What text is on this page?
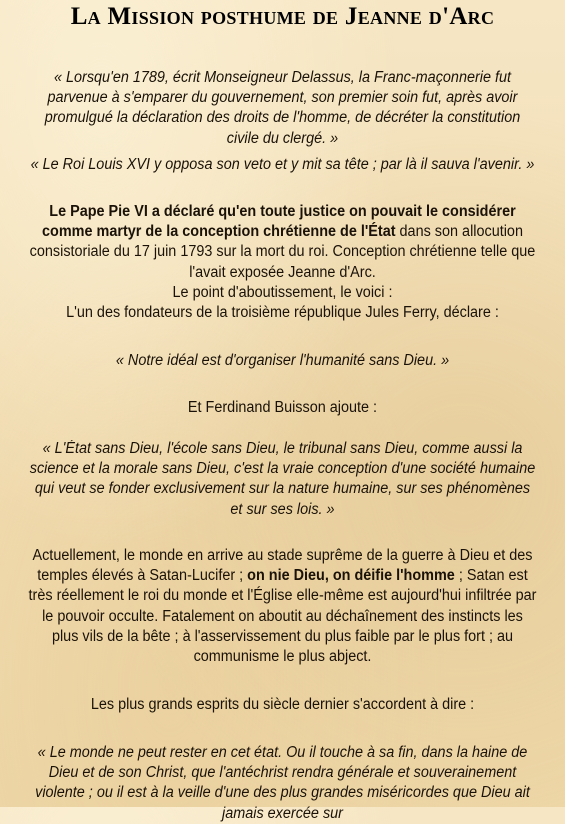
La Mission posthume de Jeanne d'Arc
« Lorsqu'en 1789, écrit Monseigneur Delassus, la Franc-maçonnerie fut parvenue à s'emparer du gouvernement, son premier soin fut, après avoir promulgué la déclaration des droits de l'homme, de décréter la constitution civile du clergé. »
« Le Roi Louis XVI y opposa son veto et y mit sa tête ; par là il sauva l'avenir. »
Le Pape Pie VI a déclaré qu'en toute justice on pouvait le considérer comme martyr de la conception chrétienne de l'État dans son allocution consistoriale du 17 juin 1793 sur la mort du roi. Conception chrétienne telle que l'avait exposée Jeanne d'Arc.
Le point d'aboutissement, le voici :
L'un des fondateurs de la troisième république Jules Ferry, déclare :
« Notre idéal est d'organiser l'humanité sans Dieu. »
Et Ferdinand Buisson ajoute :
« L'État sans Dieu, l'école sans Dieu, le tribunal sans Dieu, comme aussi la science et la morale sans Dieu, c'est la vraie conception d'une société humaine qui veut se fonder exclusivement sur la nature humaine, sur ses phénomènes et sur ses lois. »
Actuellement, le monde en arrive au stade suprême de la guerre à Dieu et des temples élevés à Satan-Lucifer ; on nie Dieu, on déifie l'homme ; Satan est très réellement le roi du monde et l'Église elle-même est aujourd'hui infiltrée par le pouvoir occulte. Fatalement on aboutit au déchaînement des instincts les plus vils de la bête ; à l'asservissement du plus faible par le plus fort ; au communisme le plus abject.
Les plus grands esprits du siècle dernier s'accordent à dire :
« Le monde ne peut rester en cet état. Ou il touche à sa fin, dans la haine de Dieu et de son Christ, que l'antéchrist rendra générale et souverainement violente ; ou il est à la veille d'une des plus grandes miséricordes que Dieu ait jamais exercée sur
